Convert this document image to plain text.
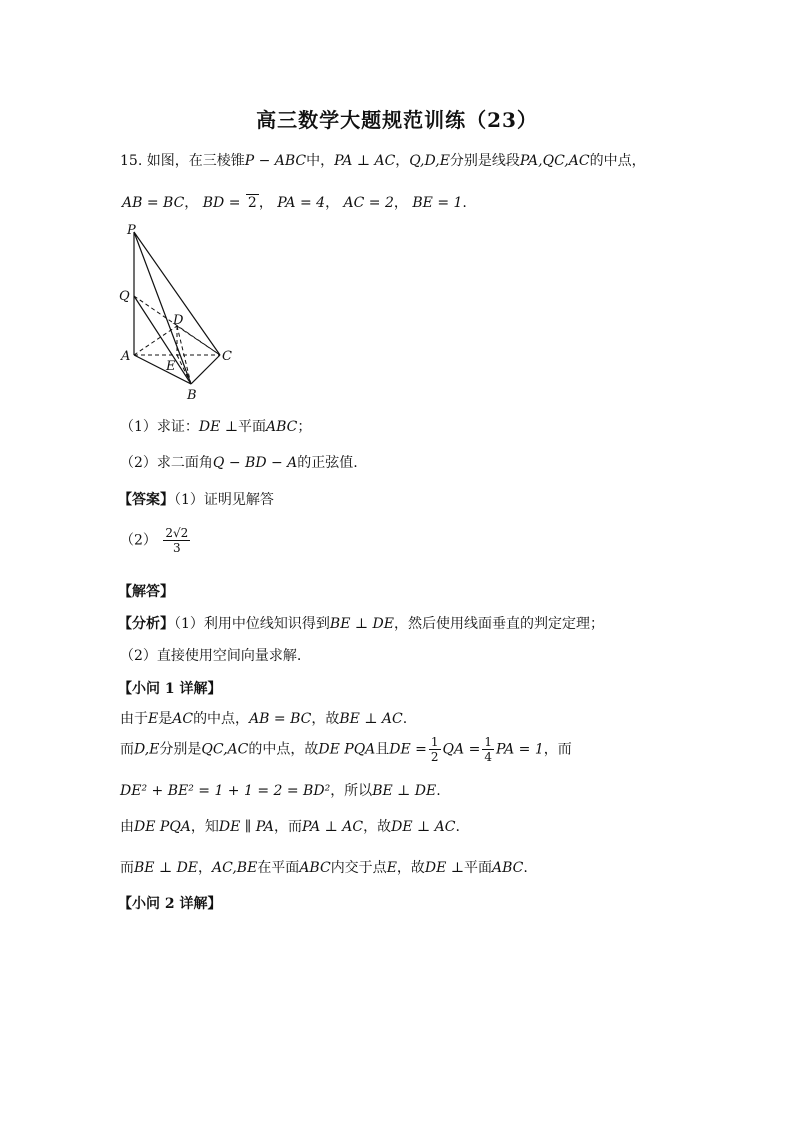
高三数学大题规范训练（23）
15. 如图，在三棱锥P − ABC中，PA ⊥ AC，Q,D,E分别是线段PA,QC,AC的中点，
AB = BC， BD = 2 ， PA = 4， AC = 2， BE = 1.
P
Q
D
A
E
C
B
（1）求证：DE ⊥平面ABC；
（2）求二面角Q − BD − A的正弦值.
【答案】（1）证明见解答
$(2) \frac{2√2}{3}$
【解答】
【分析】（1）利用中位线知识得到BE ⊥ DE，然后使用线面垂直的判定定理；
（2）直接使用空间向量求解.
【小问 1 详解】
由于E是AC的中点，AB = BC，故BE ⊥ AC.
而D,E分别是QC,AC的中点，故DE PQA且DE = $\frac{1}{2}$ QA = $\frac{1}{4}$ PA = 1，而
DE² + BE² = 1 + 1 = 2 = BD²，所以BE ⊥ DE.
由DE PQA，知DE ∥ PA，而PA ⊥ AC，故DE ⊥ AC.
而BE ⊥ DE，AC,BE在平面ABC内交于点E，故DE ⊥平面ABC.
【小问 2 详解】
